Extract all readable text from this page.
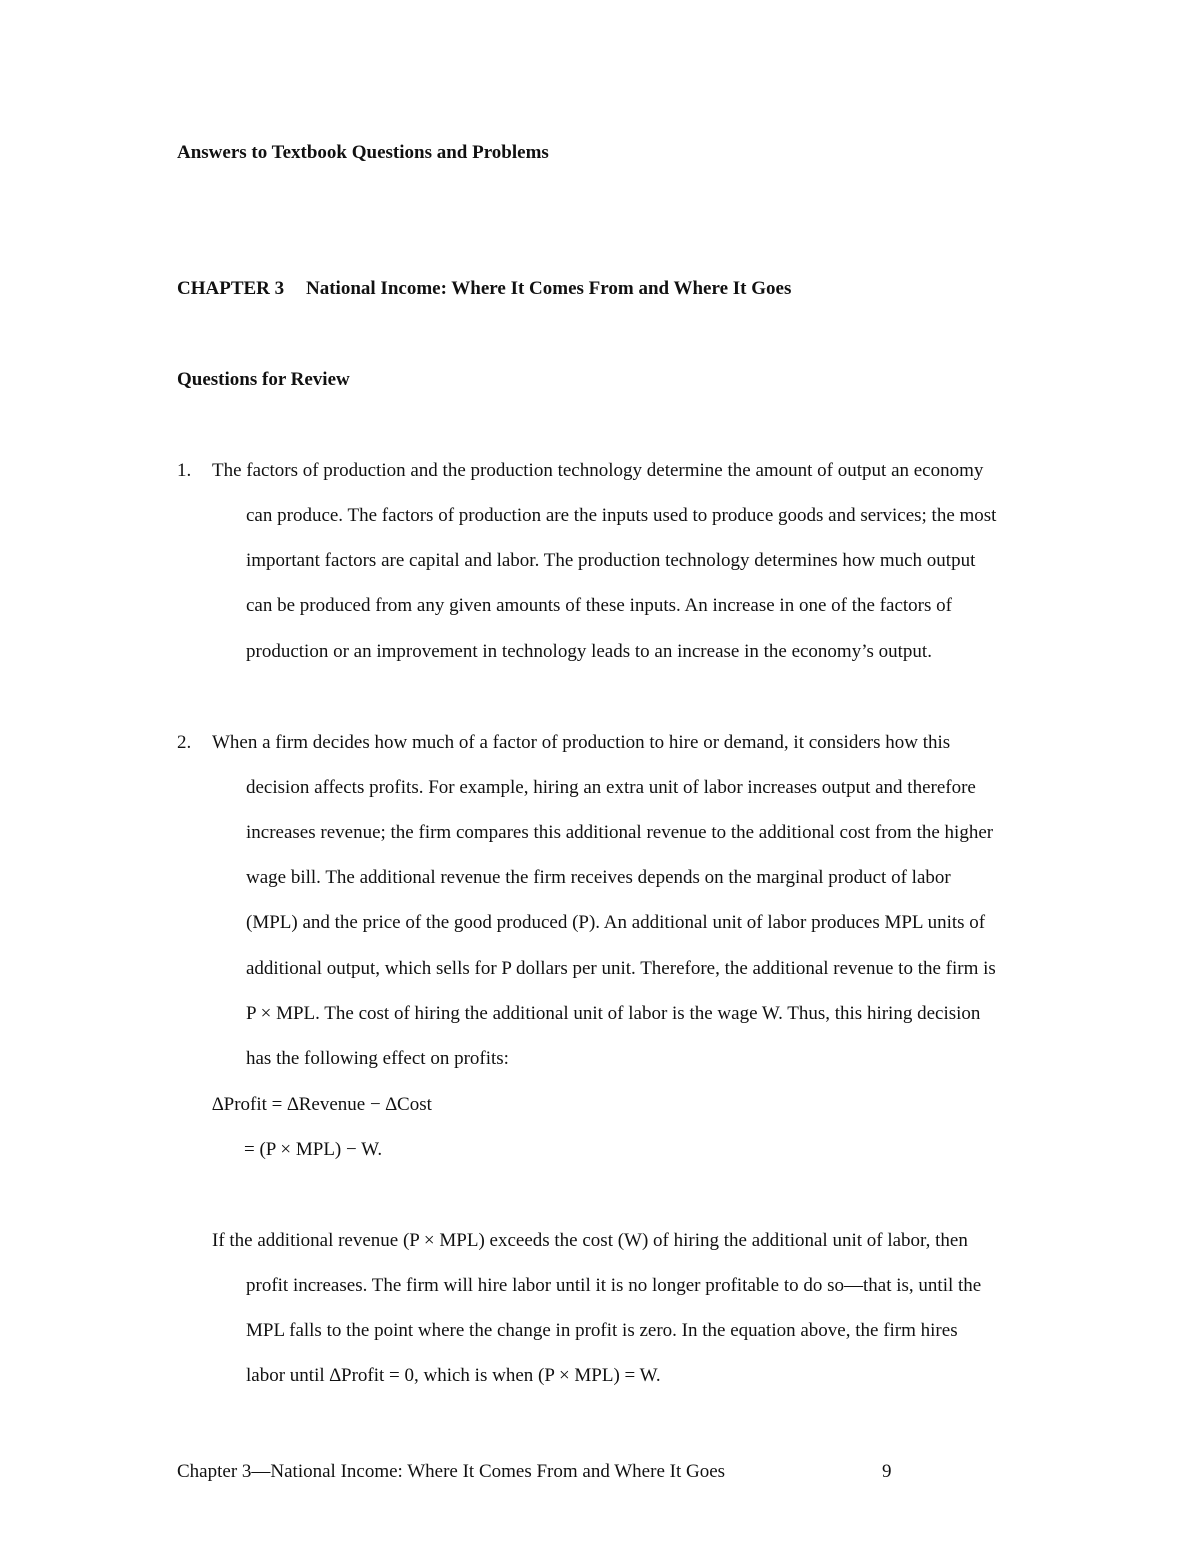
Answers to Textbook Questions and Problems
CHAPTER 3 National Income: Where It Comes From and Where It Goes
Questions for Review
1. The factors of production and the production technology determine the amount of output an economy
can produce. The factors of production are the inputs used to produce goods and services; the most
important factors are capital and labor. The production technology determines how much output
can be produced from any given amounts of these inputs. An increase in one of the factors of
production or an improvement in technology leads to an increase in the economy’s output.
2. When a firm decides how much of a factor of production to hire or demand, it considers how this
decision affects profits. For example, hiring an extra unit of labor increases output and therefore
increases revenue; the firm compares this additional revenue to the additional cost from the higher
wage bill. The additional revenue the firm receives depends on the marginal product of labor
(MPL) and the price of the good produced (P). An additional unit of labor produces MPL units of
additional output, which sells for P dollars per unit. Therefore, the additional revenue to the firm is
P × MPL. The cost of hiring the additional unit of labor is the wage W. Thus, this hiring decision
has the following effect on profits:
∆Profit = ∆Revenue − ∆Cost
= (P × MPL) − W.
If the additional revenue (P × MPL) exceeds the cost (W) of hiring the additional unit of labor, then
profit increases. The firm will hire labor until it is no longer profitable to do so—that is, until the
MPL falls to the point where the change in profit is zero. In the equation above, the firm hires
labor until ∆Profit = 0, which is when (P × MPL) = W.
Chapter 3—National Income: Where It Comes From and Where It Goes	9
